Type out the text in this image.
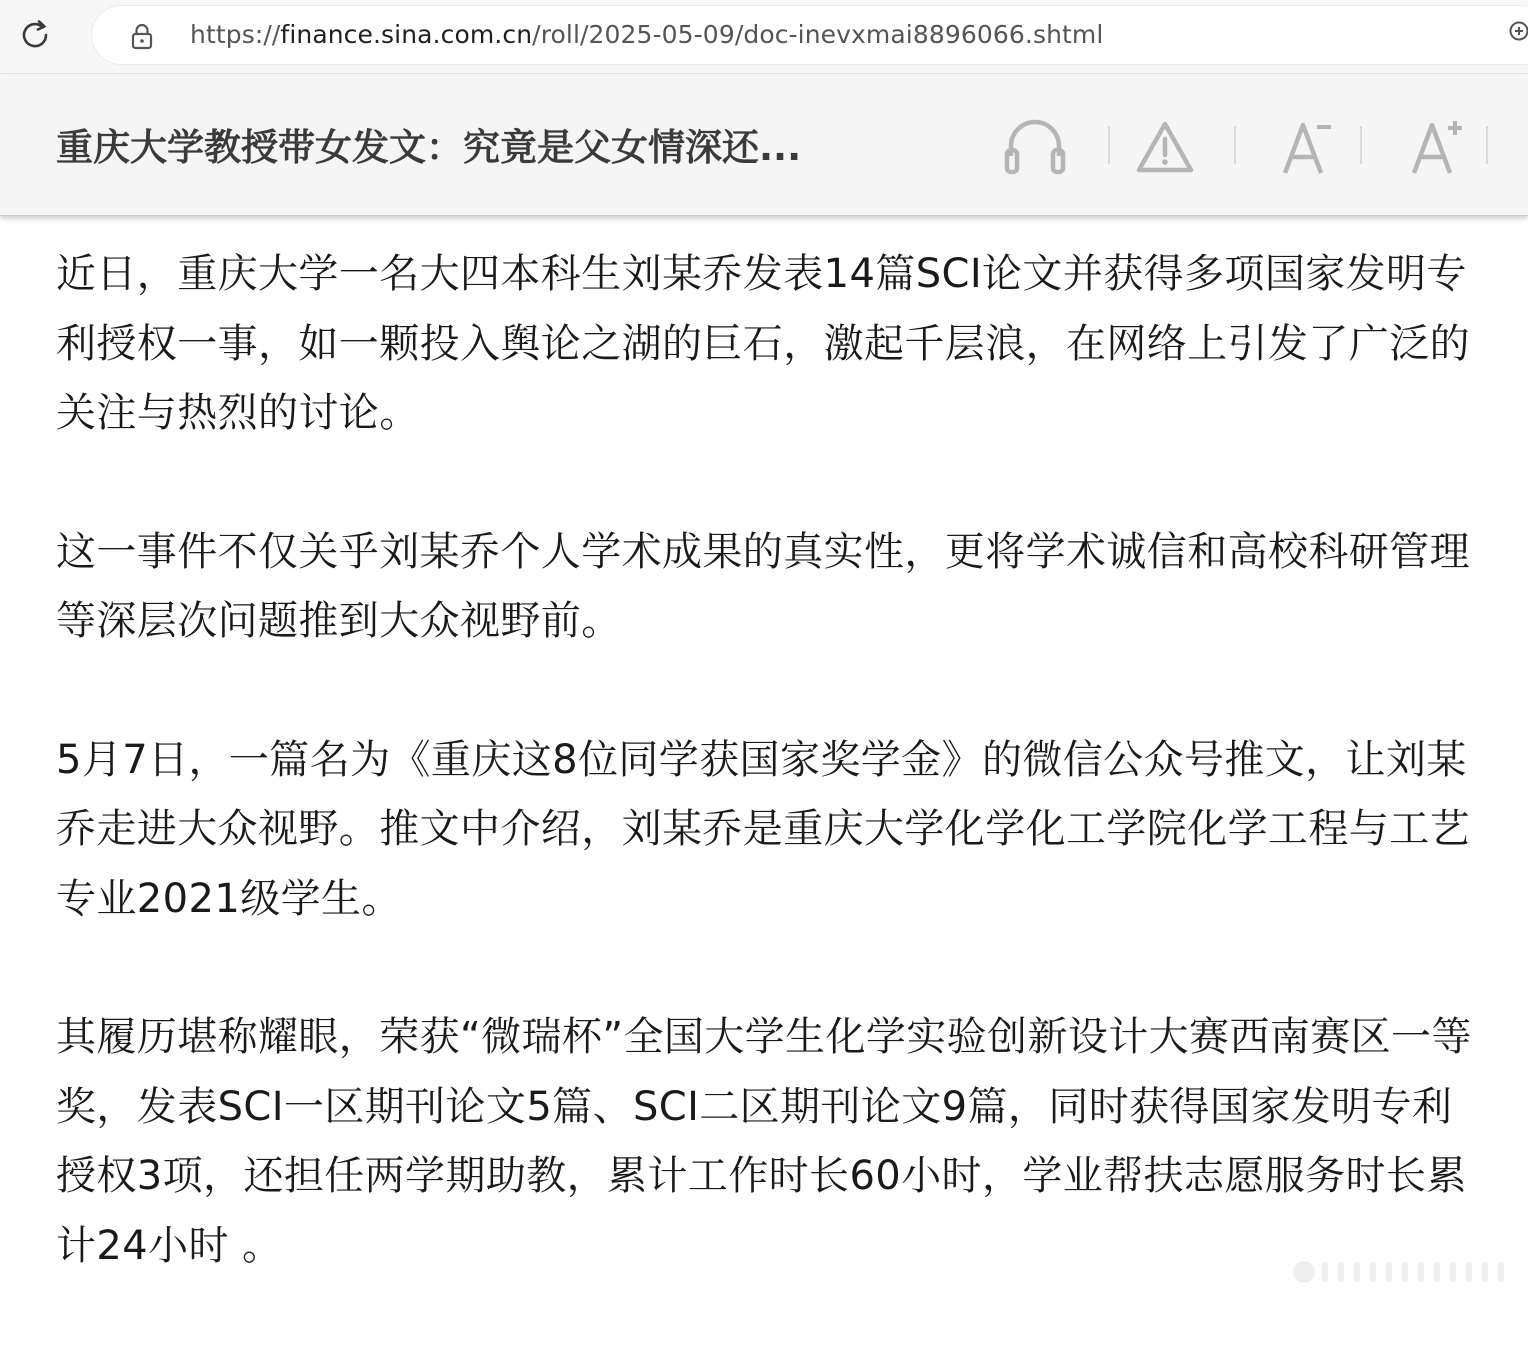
https://finance.sina.com.cn/roll/2025-05-09/doc-inevxmai8896066.shtml
重庆大学教授带女发文：究竟是父女情深还...

近日，重庆大学一名大四本科生刘某乔发表14篇SCI论文并获得多项国家发明专利授权一事，如一颗投入舆论之湖的巨石，激起千层浪，在网络上引发了广泛的关注与热烈的讨论。

这一事件不仅关乎刘某乔个人学术成果的真实性，更将学术诚信和高校科研管理等深层次问题推到大众视野前。

5月7日，一篇名为《重庆这8位同学获国家奖学金》的微信公众号推文，让刘某乔走进大众视野。推文中介绍，刘某乔是重庆大学化学化工学院化学工程与工艺专业2021级学生。

其履历堪称耀眼，荣获“微瑞杯”全国大学生化学实验创新设计大赛西南赛区一等奖，发表SCI一区期刊论文5篇、SCI二区期刊论文9篇，同时获得国家发明专利授权3项，还担任两学期助教，累计工作时长60小时，学业帮扶志愿服务时长累计24小时 。
